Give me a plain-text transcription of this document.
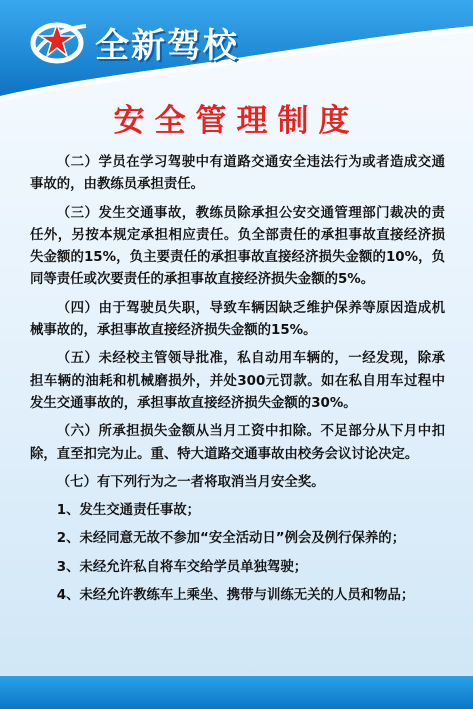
全新驾校
安全管理制度

（二）学员在学习驾驶中有道路交通安全违法行为或者造成交通事故的，由教练员承担责任。

（三）发生交通事故，教练员除承担公安交通管理部门裁决的责任外，另按本规定承担相应责任。负全部责任的承担事故直接经济损失金额的15%，负主要责任的承担事故直接经济损失金额的10%，负同等责任或次要责任的承担事故直接经济损失金额的5%。

（四）由于驾驶员失职，导致车辆因缺乏维护保养等原因造成机械事故的，承担事故直接经济损失金额的15%。

（五）未经校主管领导批准，私自动用车辆的，一经发现，除承担车辆的油耗和机械磨损外，并处300元罚款。如在私自用车过程中发生交通事故的，承担事故直接经济损失金额的30%。

（六）所承担损失金额从当月工资中扣除。不足部分从下月中扣除，直至扣完为止。重、特大道路交通事故由校务会议讨论决定。

（七）有下列行为之一者将取消当月安全奖。

1、发生交通责任事故；

2、未经同意无故不参加“安全活动日”例会及例行保养的；

3、未经允许私自将车交给学员单独驾驶；

4、未经允许教练车上乘坐、携带与训练无关的人员和物品；
